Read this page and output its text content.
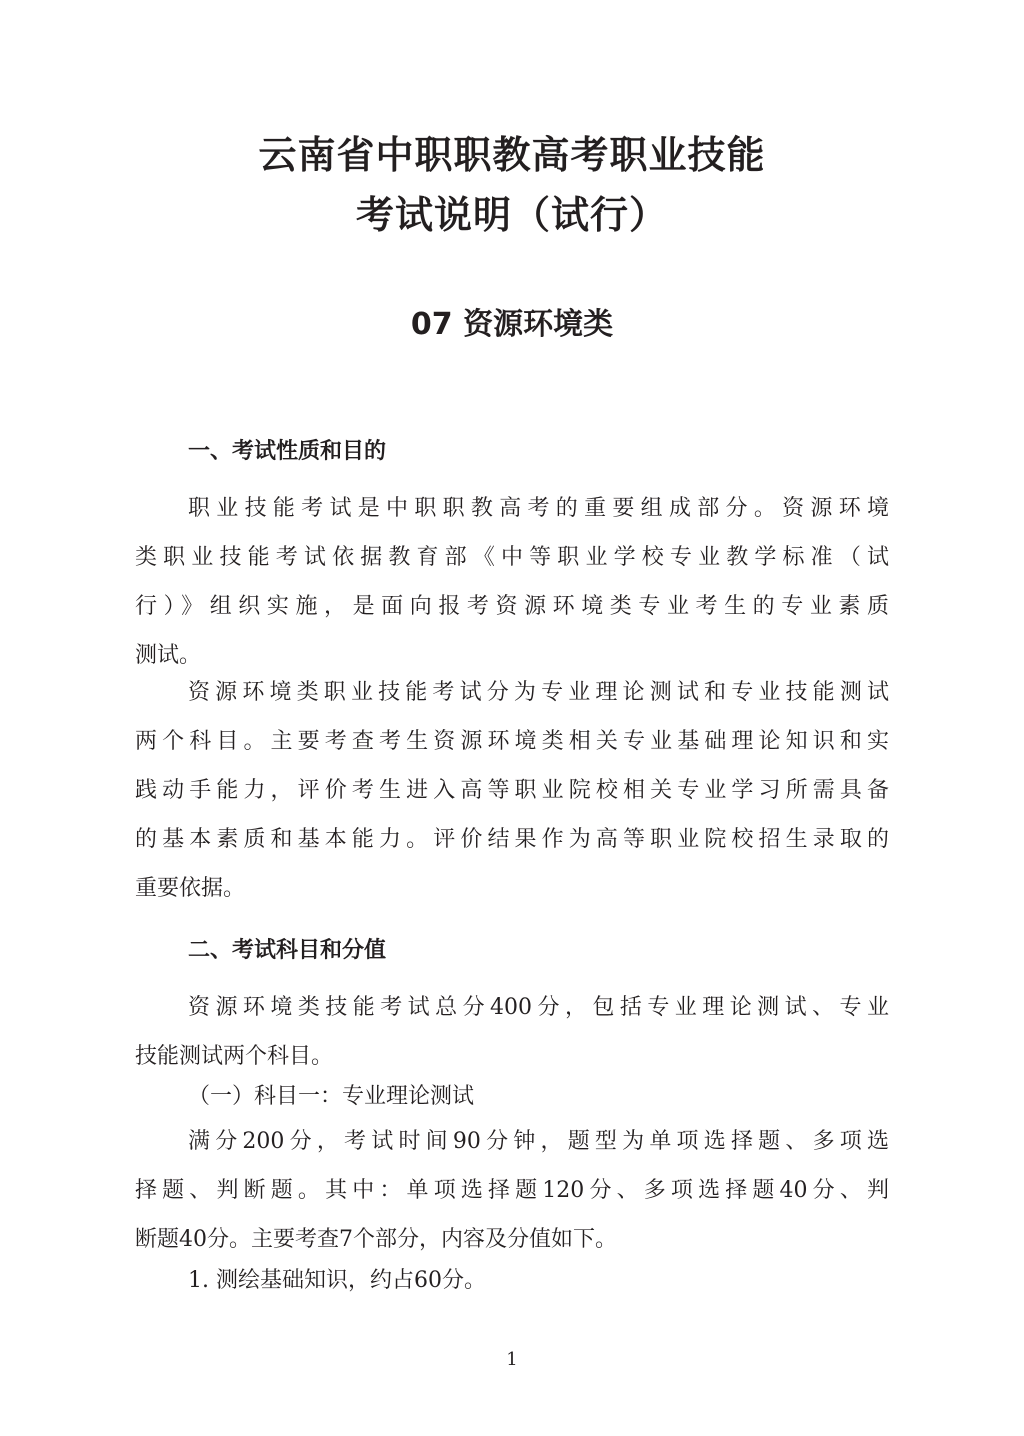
云南省中职职教高考职业技能
考试说明（试行）
07 资源环境类
一、考试性质和目的
职业技能考试是中职职教高考的重要组成部分。资源环境
类职业技能考试依据教育部《中等职业学校专业教学标准（试
行）》组织实施，是面向报考资源环境类专业考生的专业素质
测试。
资源环境类职业技能考试分为专业理论测试和专业技能测试
两个科目。主要考查考生资源环境类相关专业基础理论知识和实
践动手能力，评价考生进入高等职业院校相关专业学习所需具备
的基本素质和基本能力。评价结果作为高等职业院校招生录取的
重要依据。
二、考试科目和分值
资源环境类技能考试总分400分，包括专业理论测试、专业
技能测试两个科目。
（一）科目一：专业理论测试
满分200分，考试时间90分钟，题型为单项选择题、多项选
择题、判断题。其中：单项选择题120分、多项选择题40分、判
断题40分。主要考查7个部分，内容及分值如下。
1. 测绘基础知识，约占60分。
1
